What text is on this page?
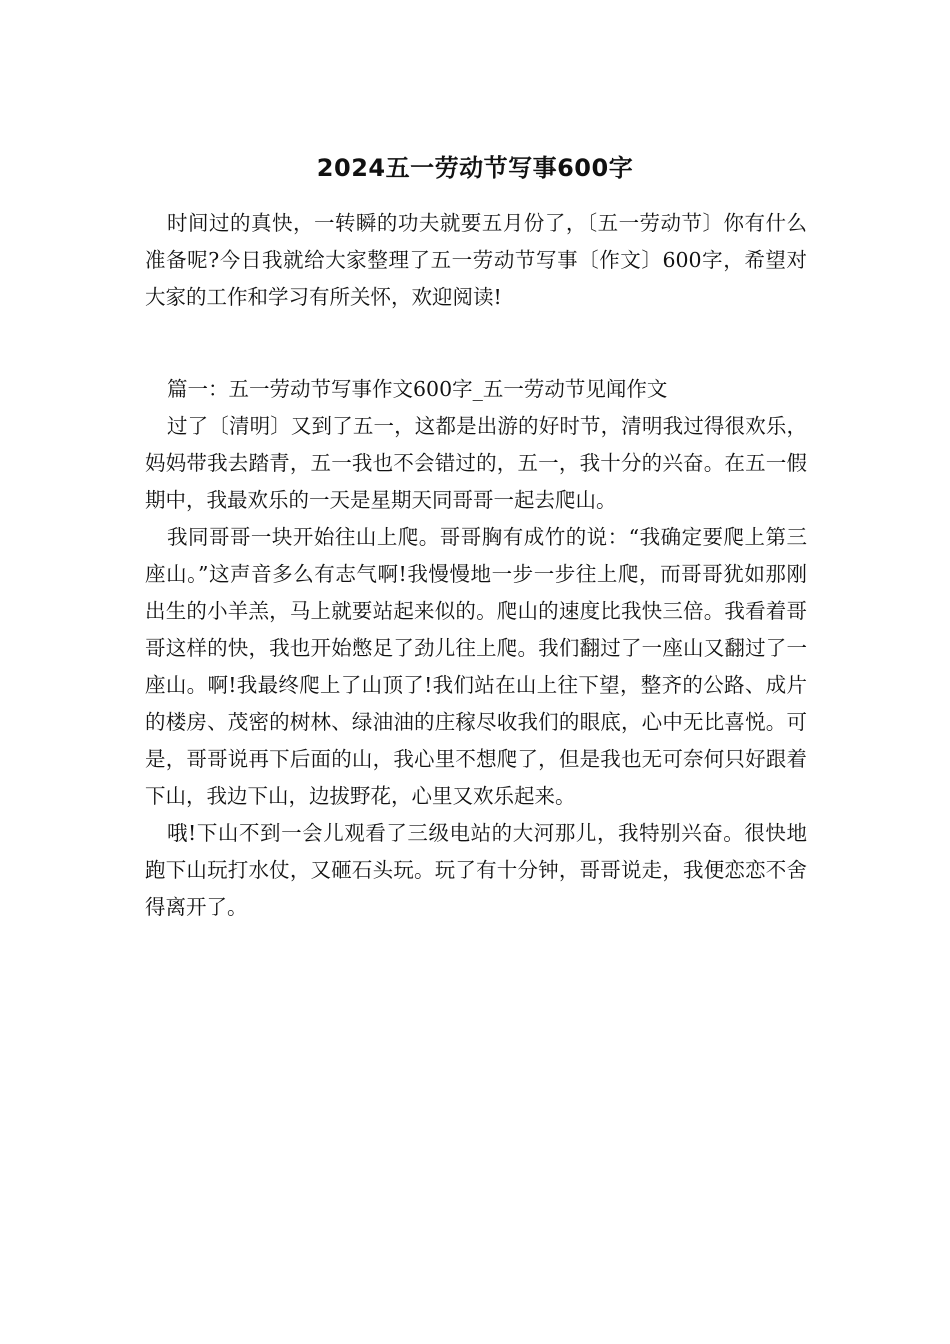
2024五一劳动节写事600字

时间过的真快，一转瞬的功夫就要五月份了，〔五一劳动节〕你有什么准备呢?今日我就给大家整理了五一劳动节写事〔作文〕600字，希望对大家的工作和学习有所关怀，欢迎阅读!

篇一：五一劳动节写事作文600字_五一劳动节见闻作文

过了〔清明〕又到了五一，这都是出游的好时节，清明我过得很欢乐，妈妈带我去踏青，五一我也不会错过的，五一，我十分的兴奋。在五一假期中，我最欢乐的一天是星期天同哥哥一起去爬山。

我同哥哥一块开始往山上爬。哥哥胸有成竹的说：“我确定要爬上第三座山。”这声音多么有志气啊!我慢慢地一步一步往上爬，而哥哥犹如那刚出生的小羊羔，马上就要站起来似的。爬山的速度比我快三倍。我看着哥哥这样的快，我也开始憋足了劲儿往上爬。我们翻过了一座山又翻过了一座山。啊!我最终爬上了山顶了!我们站在山上往下望，整齐的公路、成片的楼房、茂密的树林、绿油油的庄稼尽收我们的眼底，心中无比喜悦。可是，哥哥说再下后面的山，我心里不想爬了，但是我也无可奈何只好跟着下山，我边下山，边拔野花，心里又欢乐起来。

哦!下山不到一会儿观看了三级电站的大河那儿，我特别兴奋。很快地跑下山玩打水仗，又砸石头玩。玩了有十分钟，哥哥说走，我便恋恋不舍得离开了。
